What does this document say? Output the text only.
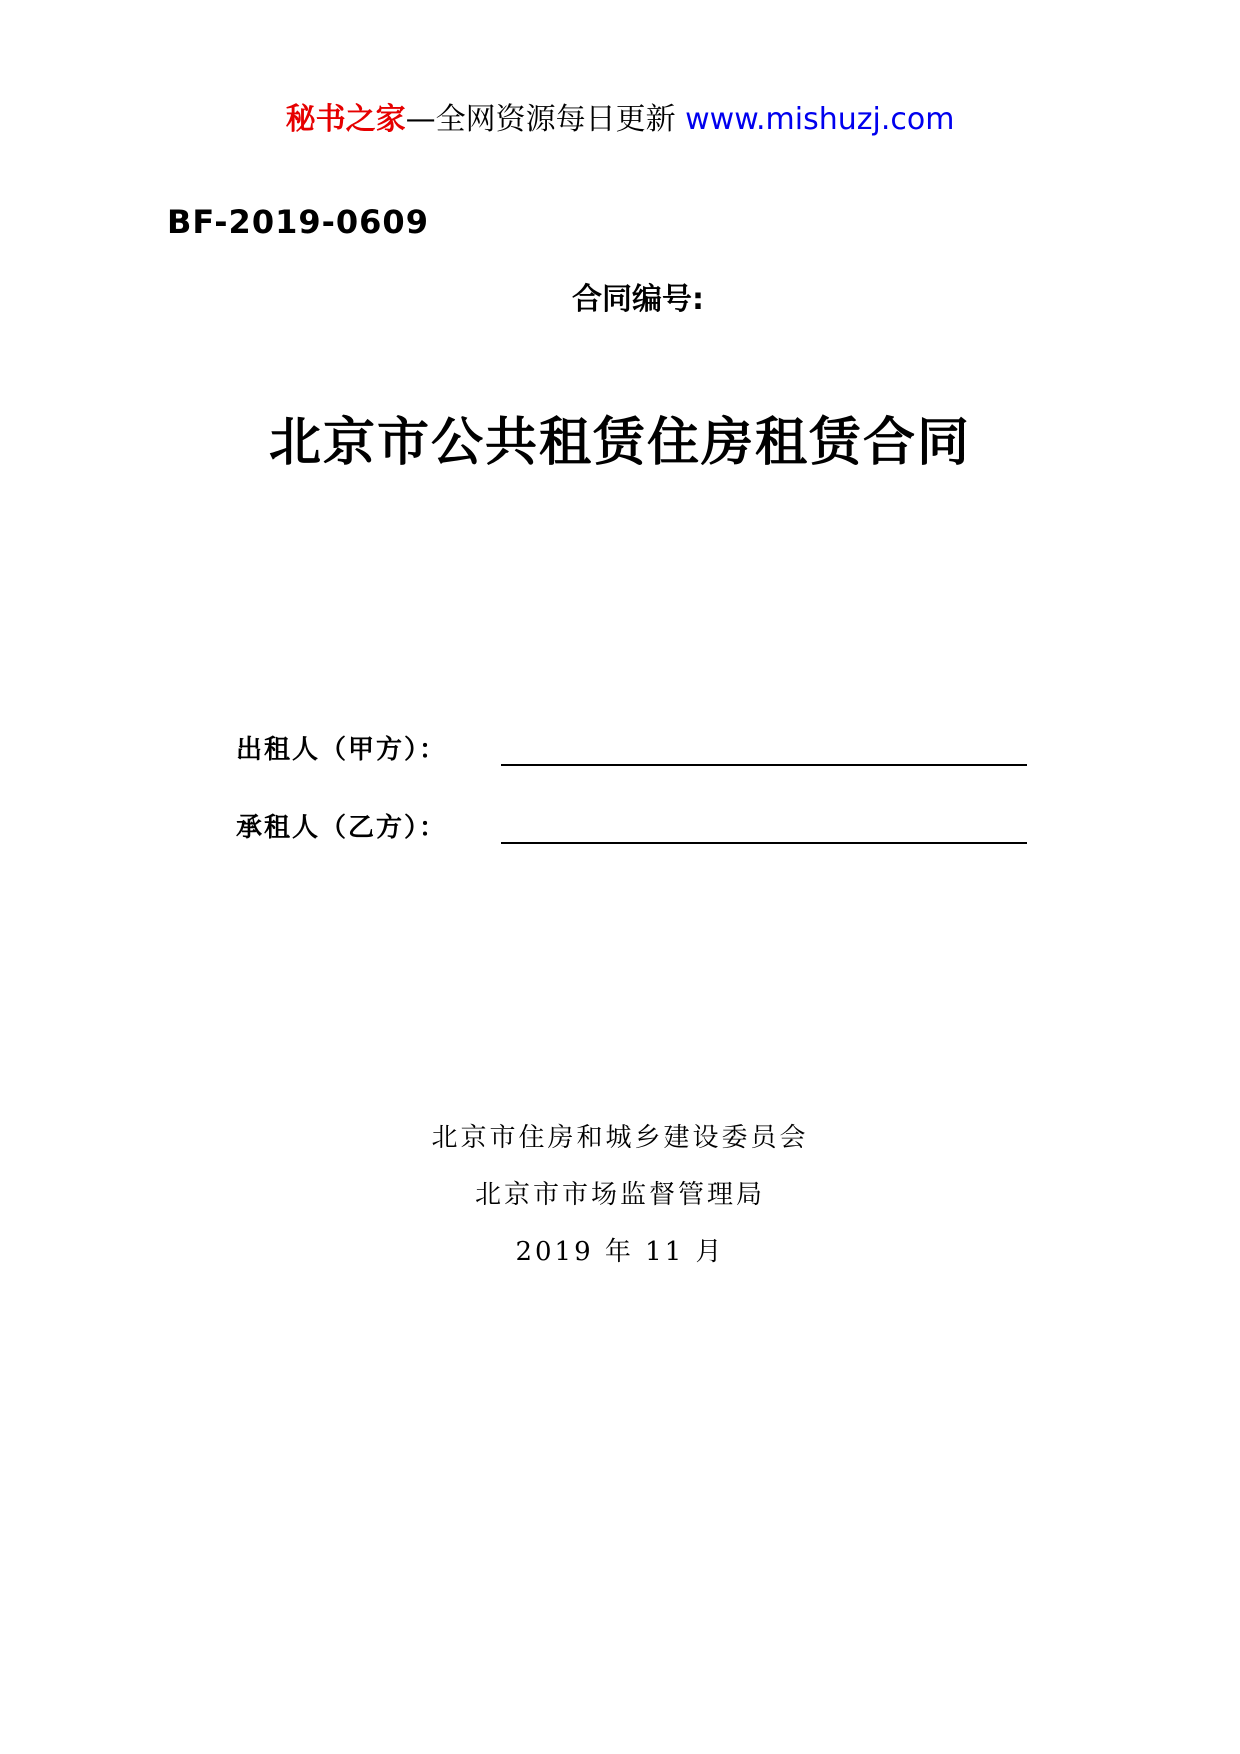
秘书之家—全网资源每日更新 www.mishuzj.com
BF-2019-0609
合同编号:
北京市公共租赁住房租赁合同
出租人（甲方）：
承租人（乙方）：
北京市住房和城乡建设委员会
北京市市场监督管理局
2019 年 11 月
